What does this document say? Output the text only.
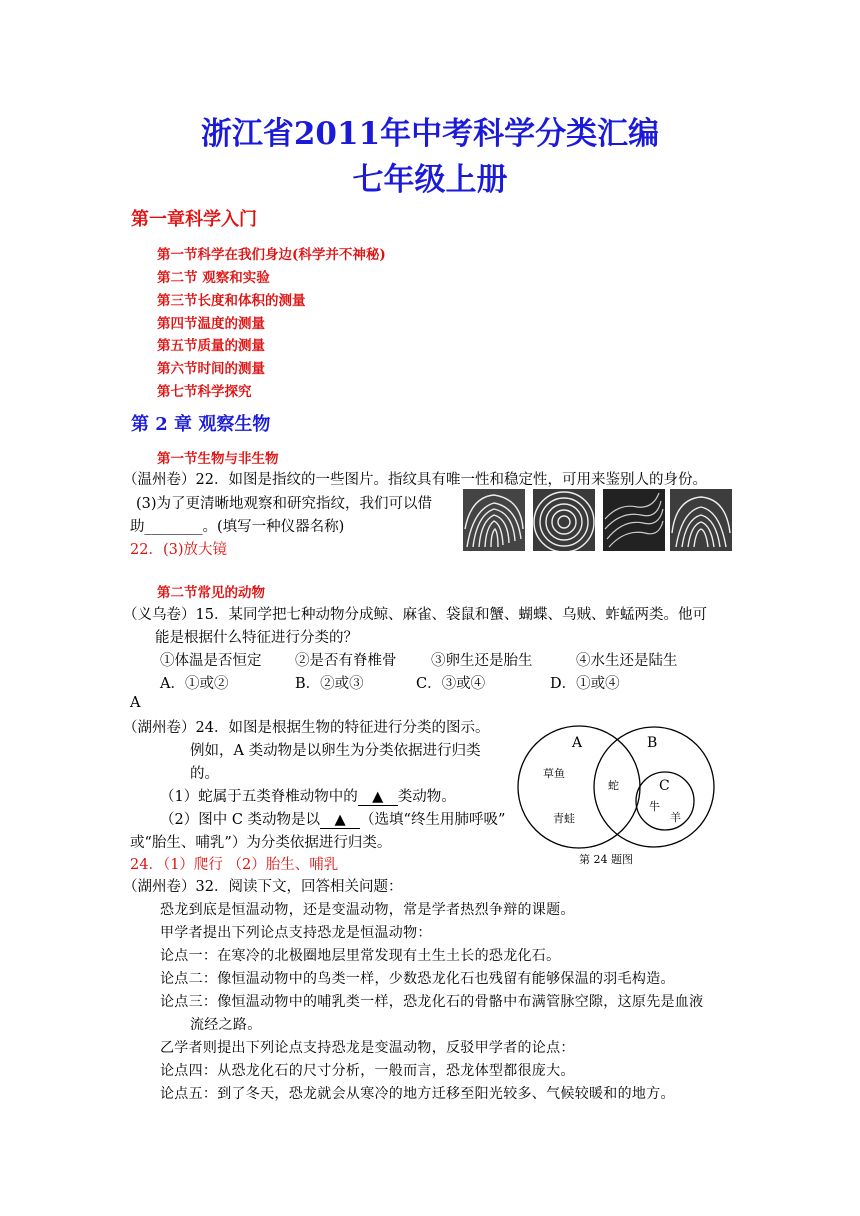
浙江省2011年中考科学分类汇编
七年级上册
第一章科学入门
第一节科学在我们身边(科学并不神秘)
第二节 观察和实验
第三节长度和体积的测量
第四节温度的测量
第五节质量的测量
第六节时间的测量
第七节科学探究
第 2 章 观察生物
第一节生物与非生物
（温州卷）22．如图是指纹的一些图片。指纹具有唯一性和稳定性，可用来鉴别人的身份。
(3)为了更清晰地观察和研究指纹，我们可以借
助________。(填写一种仪器名称)
22．(3)放大镜
第二节常见的动物
（义乌卷）15．某同学把七种动物分成鲸、麻雀、袋鼠和蟹、蝴蝶、乌贼、蚱蜢两类。他可
能是根据什么特征进行分类的？
①体温是否恒定 ②是否有脊椎骨 ③卵生还是胎生	④水生还是陆生
A．①或②	B．②或③	C．③或④	D．①或④
A
（湖州卷）24．如图是根据生物的特征进行分类的图示。
例如，A 类动物是以卵生为分类依据进行归类
的。
（1）蛇属于五类脊椎动物中的 ▲ 类动物。
（2）图中 C 类动物是以 ▲ （选填“终生用肺呼吸”
或“胎生、哺乳”）为分类依据进行归类。
24．（1）爬行 （2）胎生、哺乳
A	B
C
草鱼
青蛙
蛇
牛
羊
第 24 题图
（湖州卷）32．阅读下文，回答相关问题：
恐龙到底是恒温动物，还是变温动物，常是学者热烈争辩的课题。
甲学者提出下列论点支持恐龙是恒温动物：
论点一：在寒冷的北极圈地层里常发现有土生土长的恐龙化石。
论点二：像恒温动物中的鸟类一样，少数恐龙化石也残留有能够保温的羽毛构造。
论点三：像恒温动物中的哺乳类一样，恐龙化石的骨骼中布满管脉空隙，这原先是血液
流经之路。
乙学者则提出下列论点支持恐龙是变温动物，反驳甲学者的论点：
论点四：从恐龙化石的尺寸分析，一般而言，恐龙体型都很庞大。
论点五：到了冬天，恐龙就会从寒冷的地方迁移至阳光较多、气候较暖和的地方。
